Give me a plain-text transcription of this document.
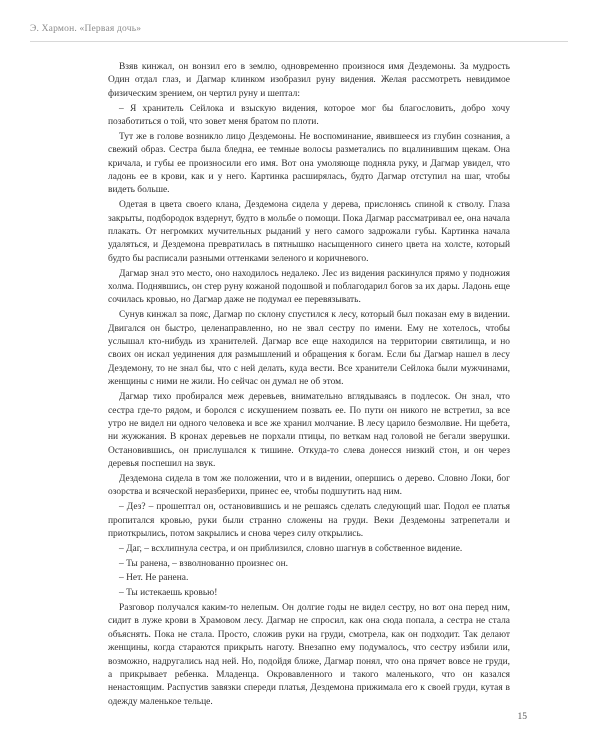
Э. Хармон. «Первая дочь»

Взяв кинжал, он вонзил его в землю, одновременно произнося имя Дездемоны. За мудрость Один отдал глаз, и Дагмар клинком изобразил руну видения. Желая рассмотреть невидимое физическим зрением, он чертил руну и шептал:

– Я хранитель Сейлока и взыскую видения, которое мог бы благословить, добро хочу позаботиться о той, что зовет меня братом по плоти.

Тут же в голове возникло лицо Дездемоны. Не воспоминание, явившееся из глубин сознания, а свежий образ. Сестра была бледна, ее темные волосы разметались по вцалинившим щекам. Она кричала, и губы ее произносили его имя. Вот она умоляюще подняла руку, и Дагмар увидел, что ладонь ее в крови, как и у него. Картинка расширялась, будто Дагмар отступил на шаг, чтобы видеть больше.

Одетая в цвета своего клана, Дездемона сидела у дерева, прислонясь спиной к стволу. Глаза закрыты, подбородок вздернут, будто в мольбе о помощи. Пока Дагмар рассматривал ее, она начала плакать. От негромких мучительных рыданий у него самого задрожали губы. Картинка начала удаляться, и Дездемона превратилась в пятнышко насыщенного синего цвета на холсте, который будто бы расписали разными оттенками зеленого и коричневого.

Дагмар знал это место, оно находилось недалеко. Лес из видения раскинулся прямо у подножия холма. Поднявшись, он стер руну кожаной подошвой и поблагодарил богов за их дары. Ладонь еще сочилась кровью, но Дагмар даже не подумал ее перевязывать.

Сунув кинжал за пояс, Дагмар по склону спустился к лесу, который был показан ему в видении. Двигался он быстро, целенаправленно, но не звал сестру по имени. Ему не хотелось, чтобы услышал кто-нибудь из хранителей. Дагмар все еще находился на территории святилища, и но своих он искал уединения для размышлений и обращения к богам. Если бы Дагмар нашел в лесу Дездемону, то не знал бы, что с ней делать, куда вести. Все хранители Сейлока были мужчинами, женщины с ними не жили. Но сейчас он думал не об этом.

Дагмар тихо пробирался меж деревьев, внимательно вглядываясь в подлесок. Он знал, что сестра где-то рядом, и боролся с искушением позвать ее. По пути он никого не встретил, за все утро не видел ни одного человека и все же хранил молчание. В лесу царило безмолвие. Ни щебета, ни жужжания. В кронах деревьев не порхали птицы, по веткам над головой не бегали зверушки. Остановившись, он прислушался к тишине. Откуда-то слева донесся низкий стон, и он через деревья поспешил на звук.

Дездемона сидела в том же положении, что и в видении, опершись о дерево. Словно Локи, бог озорства и всяческой неразберихи, принес ее, чтобы подшутить над ним.

– Дез? – прошептал он, остановившись и не решаясь сделать следующий шаг. Подол ее платья пропитался кровью, руки были странно сложены на груди. Веки Дездемоны затрепетали и приоткрылись, потом закрылись и снова через силу открылись.

– Даг, – всхлипнула сестра, и он приблизился, словно шагнув в собственное видение.

– Ты ранена, – взволнованно произнес он.

– Нет. Не ранена.

– Ты истекаешь кровью!

Разговор получался каким-то нелепым. Он долгие годы не видел сестру, но вот она перед ним, сидит в луже крови в Храмовом лесу. Дагмар не спросил, как она сюда попала, а сестра не стала объяснять. Пока не стала. Просто, сложив руки на груди, смотрела, как он подходит. Так делают женщины, когда стараются прикрыть наготу. Внезапно ему подумалось, что сестру избили или, возможно, надругались над ней. Но, подойдя ближе, Дагмар понял, что она прячет вовсе не груди, а прикрывает ребенка. Младенца. Окровавленного и такого маленького, что он казался ненастоящим. Распустив завязки спереди платья, Дездемона прижимала его к своей груди, кутая в одежду маленькое тельце.

15
